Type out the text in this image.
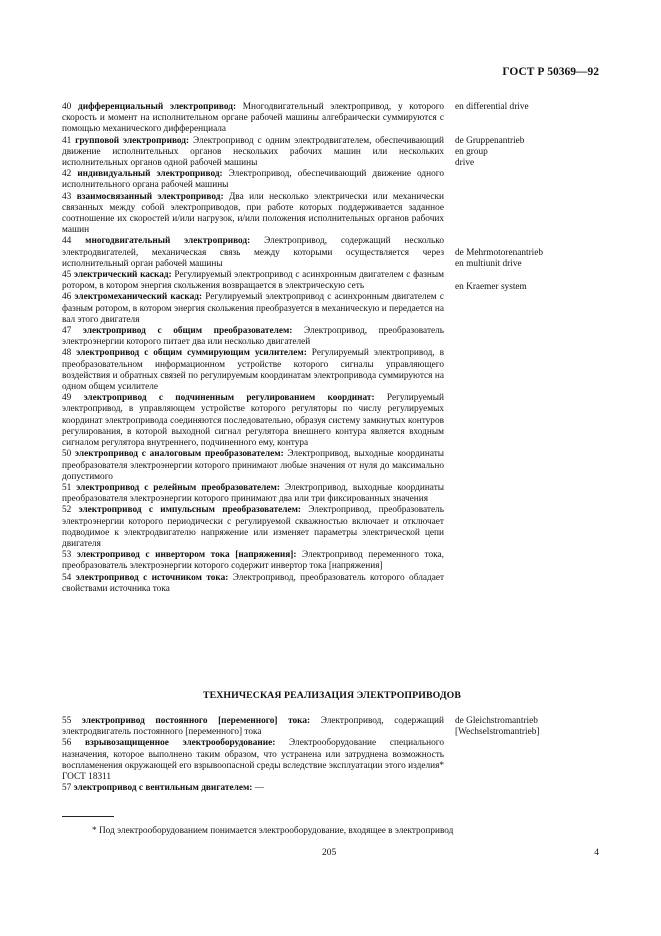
ГОСТ Р 50369—92

40 дифференциальный электропривод: Многодвигательный электропривод, у которого скорость и момент на исполнительном органе рабочей машины алгебраически суммируются с помощью механического дифференциала

41 групповой электропривод: Электропривод с одним электродвигателем, обеспечивающий движение исполнительных органов нескольких рабочих машин или нескольких исполнительных органов одной рабочей машины

42 индивидуальный электропривод: Электропривод, обеспечивающий движение одного исполнительного органа рабочей машины

43 взаимосвязанный электропривод: Два или несколько электрически или механически связанных между собой электроприводов, при работе которых поддерживается заданное соотношение их скоростей и/или нагрузок, и/или положения исполнительных органов рабочих машин

44 многодвигательный электропривод: Электропривод, содержащий несколько электродвигателей, механическая связь между которыми осуществляется через исполнительный орган рабочей машины

45 электрический каскад: Регулируемый электропривод с асинхронным двигателем с фазным ротором, в котором энергия скольжения возвращается в электрическую сеть

46 электромеханический каскад: Регулируемый электропривод с асинхронным двигателем с фазным ротором, в котором энергия скольжения преобразуется в механическую и передается на вал этого двигателя

47 электропривод с общим преобразователем: Электропривод, преобразователь электроэнергии которого питает два или несколько двигателей

48 электропривод с общим суммирующим усилителем: Регулируемый электропривод, в преобразовательном информационном устройстве которого сигналы управляющего воздействия и обратных связей по регулируемым координатам электропривода суммируются на одном общем усилителе

49 электропривод с подчиненным регулированием координат: Регулируемый электропривод, в управляющем устройстве которого регуляторы по числу регулируемых координат электропривода соединяются последовательно, образуя систему замкнутых контуров регулирования, в которой выходной сигнал регулятора внешнего контура является входным сигналом регулятора внутреннего, подчиненного ему, контура

50 электропривод с аналоговым преобразователем: Электропривод, выходные координаты преобразователя электроэнергии которого принимают любые значения от нуля до максимально допустимого

51 электропривод с релейным преобразователем: Электропривод, выходные координаты преобразователя электроэнергии которого принимают два или три фиксированных значения

52 электропривод с импульсным преобразователем: Электропривод, преобразователь электроэнергии которого периодически с регулируемой скважностью включает и отключает подводимое к электродвигателю напряжение или изменяет параметры электрической цепи двигателя

53 электропривод с инвертором тока [напряжения]: Электропривод переменного тока, преобразователь электроэнергии которого содержит инвертор тока [напряжения]

54 электропривод с источником тока: Электропривод, преобразователь которого обладает свойствами источника тока

en differential drive
de Gruppenantrieb
en group
drive
de Mehrmotorenantrieb
en multiunit drive
en Kraemer system
de Gleichstromantrieb
[Wechselstromantrieb]
ТЕХНИЧЕСКАЯ РЕАЛИЗАЦИЯ ЭЛЕКТРОПРИВОДОВ

55 электропривод постоянного [переменного] тока: Электропривод, содержащий электродвигатель постоянного [переменного] тока

56 взрывозащищенное электрооборудование: Электрооборудование специального назначения, которое выполнено таким образом, что устранена или затруднена возможность воспламенения окружающей его взрывоопасной среды вследствие эксплуатации этого изделия* ГОСТ 18311

57 электропривод с вентильным двигателем: —

* Под электрооборудованием понимается электрооборудование, входящее в электропривод
205	4
